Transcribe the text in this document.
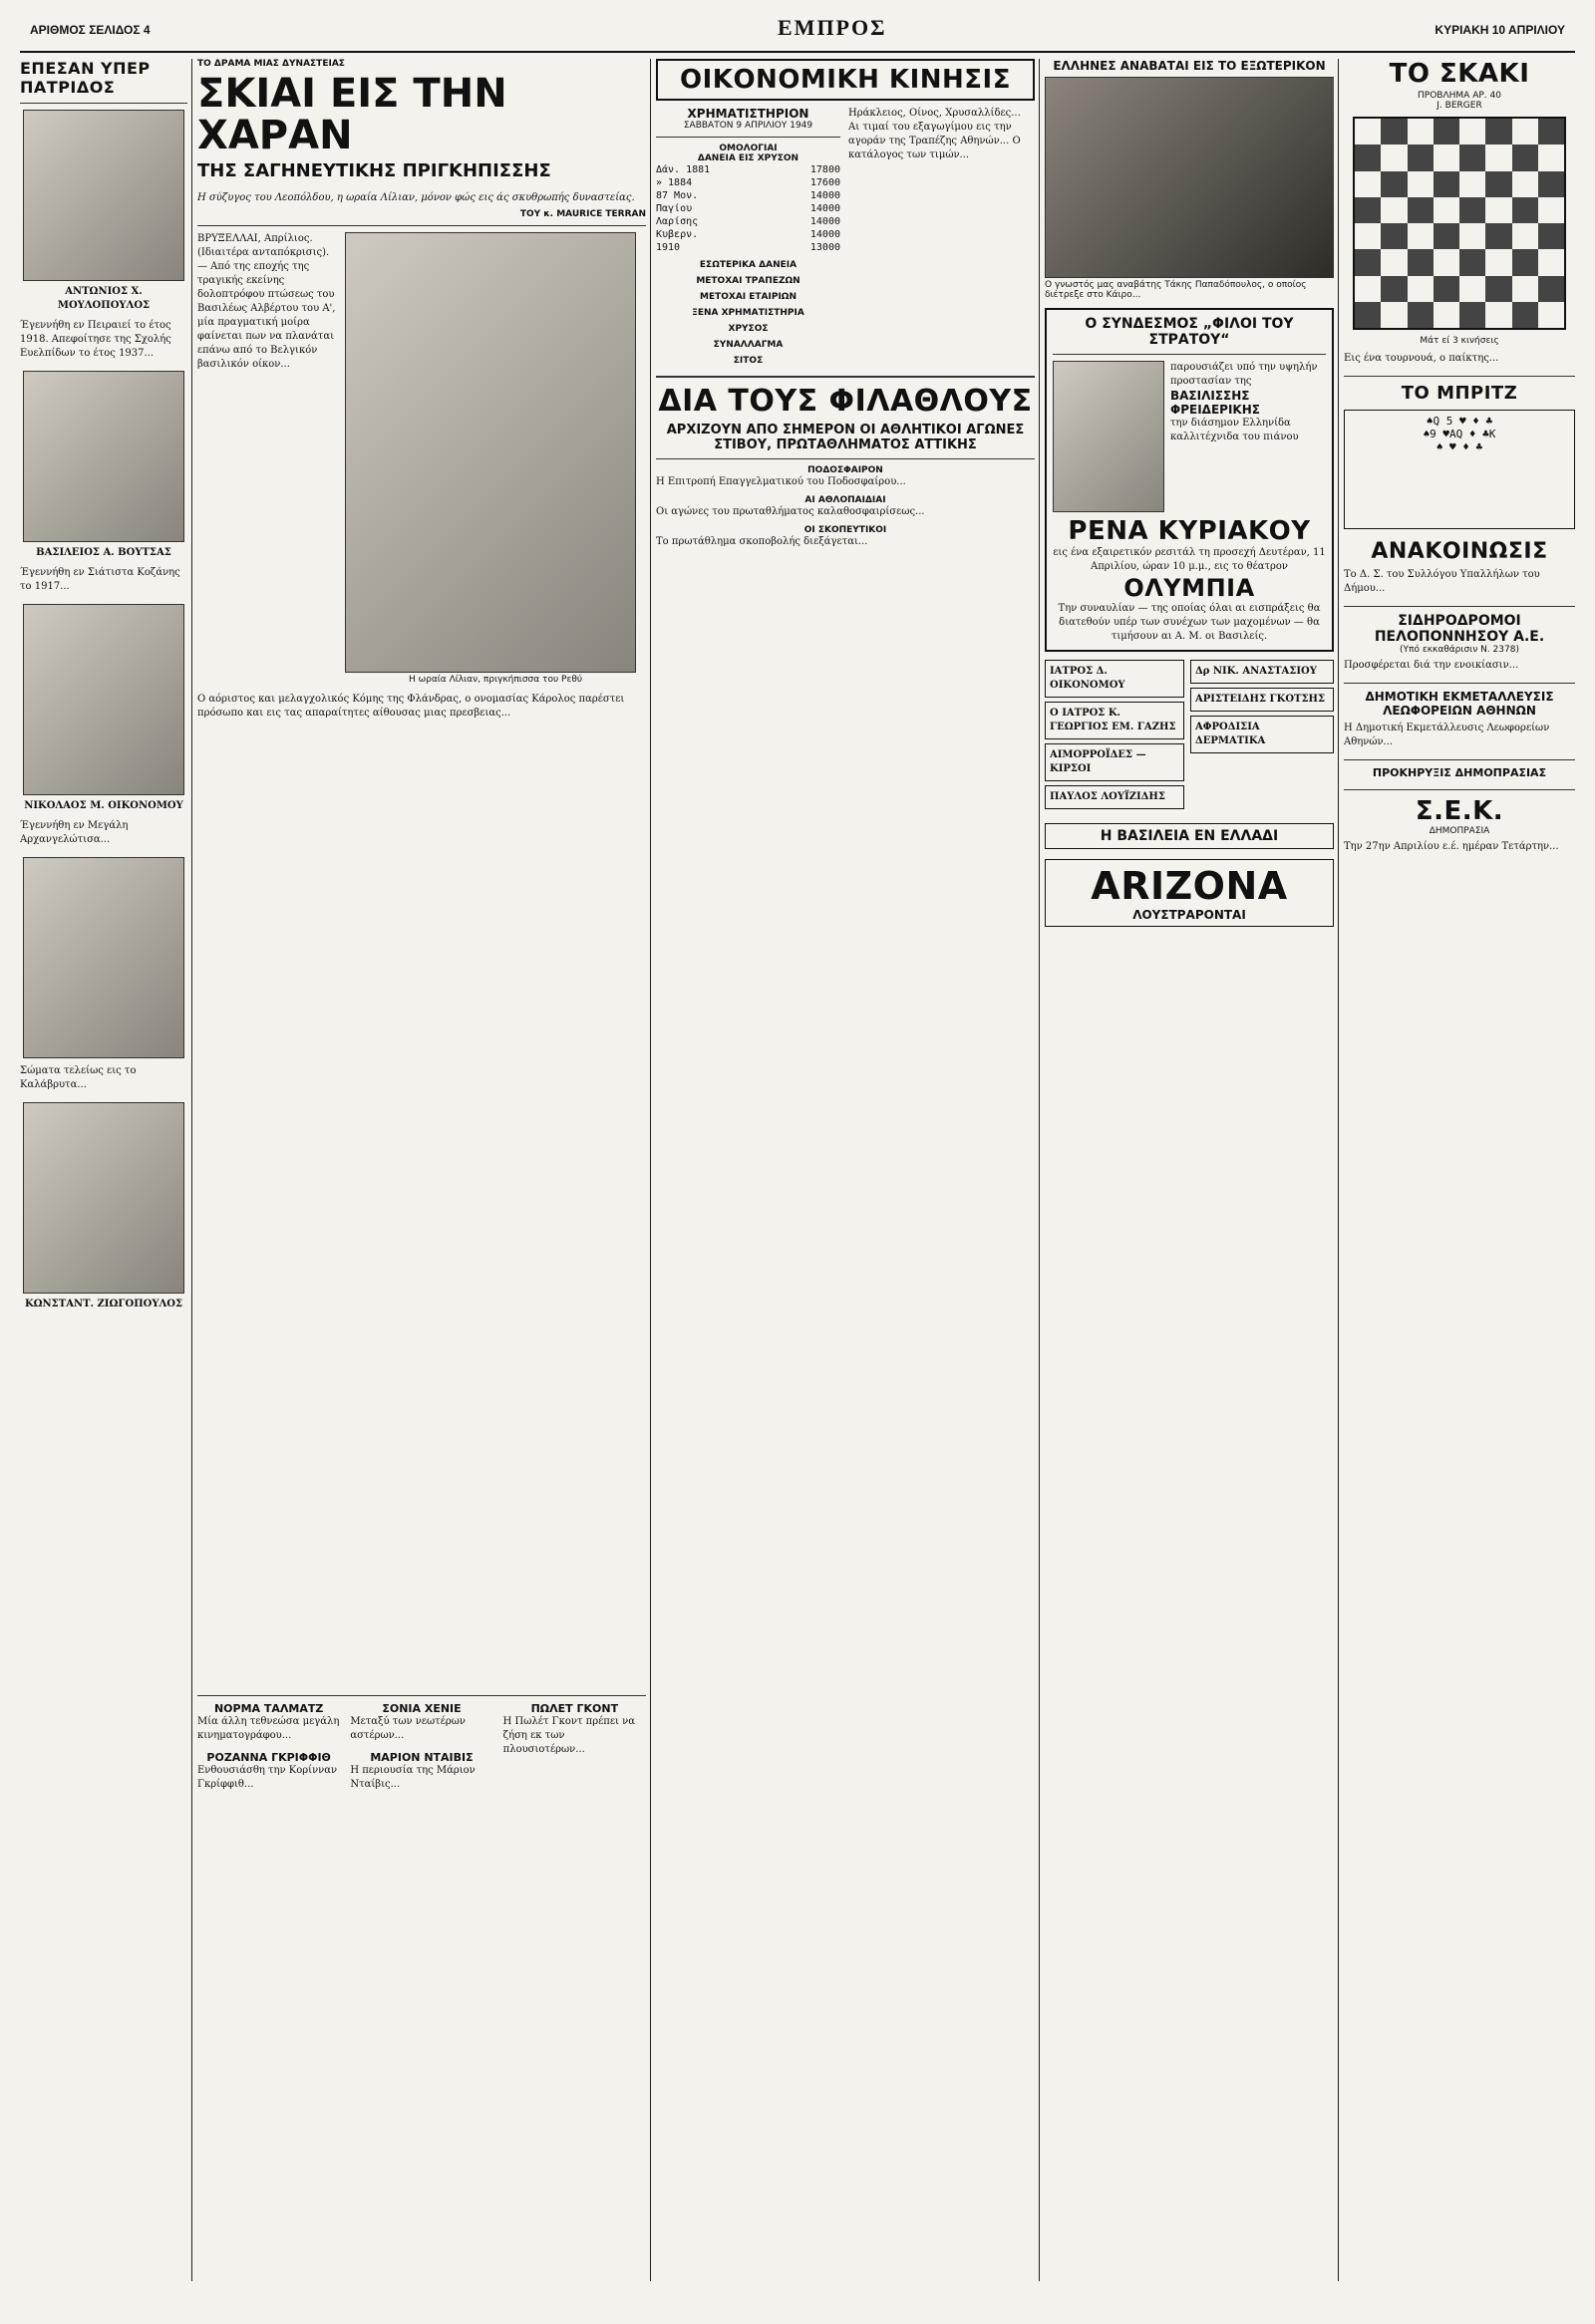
ΑΡΙΘΜΟΣ ΣΕΛΙΔΟΣ 4	ΕΜΠΡΟΣ	ΚΥΡΙΑΚΗ 10 ΑΠΡΙΛΙΟΥ
ΕΠΕΣΑΝ ΥΠΕΡ ΠΑΤΡΙΔΟΣ
ΑΝΤΩΝΙΟΣ Χ. ΜΟΥΛΟΠΟΥΛΟΣ
Έγεννήθη εν Πειραιεί το έτος 1918. Απεφοίτησε της Σχολής Ευελπίδων το έτος 1937...
ΒΑΣΙΛΕΙΟΣ Α. ΒΟΥΤΣΑΣ
Έγεννήθη εν Σιάτιστα Κοζάνης το 1917...
ΝΙΚΟΛΑΟΣ Μ. ΟΙΚΟΝΟΜΟΥ
Έγεννήθη εν Μεγάλη Αρχανγελώτισα...
Σώματα τελείως εις το Καλάβρυτα...
ΚΩΝΣΤΑΝΤ. ΖΙΩΓΟΠΟΥΛΟΣ
ΤΟ ΔΡΑΜΑ ΜΙΑΣ ΔΥΝΑΣΤΕΙΑΣ
ΣΚΙΑΙ ΕΙΣ ΤΗΝ ΧΑΡΑΝ
ΤΗΣ ΣΑΓΗΝΕΥΤΙΚΗΣ ΠΡΙΓΚΗΠΙΣΣΗΣ
Η σύζυγος του Λεοπόλδου, η ωραία Λίλιαν, μόνον φώς εις άς σκυθρωπής δυναστείας.
ΤΟΥ κ. MAURICE TERRAN
ΒΡΥΞΕΛΛΑΙ, Απρίλιος. (Ιδιαιτέρα ανταπόκρισις). — Από της εποχής της τραγικής εκείνης δολοπτρόφου πτώσεως του Βασιλέως Αλβέρτου του Α', μία πραγματική μοίρα φαίνεται πων να πλανάται επάνω από το Βελγικόν βασιλικόν οίκον...
Η ωραία Λίλιαν, πριγκήπισσα του Ρεθύ
Ο αόριστος και μελαγχολικός Κόμης της Φλάνδρας, ο ονομασίας Κάρολος παρέστει πρόσωπο και εις τας απαραίτητες αίθουσας μιας πρεσβειας...
ΝΟΡΜΑ ΤΑΛΜΑΤΖ
Μία άλλη τεθνεώσα μεγάλη κινηματογράφου...
ΡΟΖΑΝΝΑ ΓΚΡΙΦΦΙΘ
Ενθουσιάσθη την Κορίνναν Γκρίφφιθ...
ΣΟΝΙΑ ΧΕΝΙΕ
Μεταξύ των νεωτέρων αστέρων...
ΜΑΡΙΟΝ ΝΤΑΙΒΙΣ
Η περιουσία της Μάριον Νταίβις...
ΠΩΛΕΤ ΓΚΟΝΤ
Η Πωλέτ Γκοντ πρέπει να ζήση εκ των πλουσιοτέρων...
ΟΙΚΟΝΟΜΙΚΗ ΚΙΝΗΣΙΣ
ΧΡΗΜΑΤΙΣΤΗΡΙΟΝ
ΣΑΒΒΑΤΟΝ 9 ΑΠΡΙΛΙΟΥ 1949
ΟΜΟΛΟΓΙΑΙ
ΔΑΝΕΙΑ ΕΙΣ ΧΡΥΣΟΝ
Δάν. 1881	17800
» 1884	17600
87 Μον.	14000
Παγίου	14000
Λαρίσης	14000
Κυβερν.	14000
1910	13000
ΕΣΩΤΕΡΙΚΑ ΔΑΝΕΙΑ
ΜΕΤΟΧΑΙ ΤΡΑΠΕΖΩΝ
ΜΕΤΟΧΑΙ ΕΤΑΙΡΙΩΝ
ΞΕΝΑ ΧΡΗΜΑΤΙΣΤΗΡΙΑ
ΧΡΥΣΟΣ
ΣΥΝΑΛΛΑΓΜΑ
ΣΙΤΟΣ
Ηράκλειος, Οίνος, Χρυσαλλίδες... Αι τιμαί του εξαγωγίμου εις την αγοράν της Τραπέζης Αθηνών... Ο κατάλογος των τιμών...
ΔΙΑ ΤΟΥΣ ΦΙΛΑΘΛΟΥΣ
ΑΡΧΙΖΟΥΝ ΑΠΟ ΣΗΜΕΡΟΝ ΟΙ ΑΘΛΗΤΙΚΟΙ ΑΓΩΝΕΣ ΣΤΙΒΟΥ, ΠΡΩΤΑΘΛΗΜΑΤΟΣ ΑΤΤΙΚΗΣ
ΠΟΔΟΣΦΑΙΡΟΝ
Η Επιτροπή Επαγγελματικού του Ποδοσφαίρου...
ΑΙ ΑΘΛΟΠΑΙΔΙΑΙ
Οι αγώνες του πρωταθλήματος καλαθοσφαιρίσεως...
ΟΙ ΣΚΟΠΕΥΤΙΚΟΙ
Το πρωτάθλημα σκοποβολής διεξάγεται...
ΕΛΛΗΝΕΣ ΑΝΑΒΑΤΑΙ ΕΙΣ ΤΟ ΕΞΩΤΕΡΙΚΟΝ
Ο γνωστός μας αναβάτης Τάκης Παπαδόπουλος, ο οποίος διέτρεξε στο Κάιρο...
Ο ΣΥΝΔΕΣΜΟΣ „ΦΙΛΟΙ ΤΟΥ ΣΤΡΑΤΟΥ“
παρουσιάζει υπό την υψηλήν προστασίαν της
ΒΑΣΙΛΙΣΣΗΣ ΦΡΕΙΔΕΡΙΚΗΣ
την διάσημον Ελληνίδα καλλιτέχνιδα του πιάνου
ΡΕΝΑ ΚΥΡΙΑΚΟΥ
εις ένα εξαιρετικόν ρεσιτάλ τη προσεχή Δευτέραν, 11 Απριλίου, ώραν 10 μ.μ., εις το θέατρον
ΟΛΥΜΠΙΑ
Την συναυλίαν — της οποίας όλαι αι εισπράξεις θα διατεθούν υπέρ των συνέχων των μαχομένων — θα τιμήσουν αι Α. Μ. οι Βασιλείς.
ΙΑΤΡΟΣ Δ. ΟΙΚΟΝΟΜΟΥ
Ο ΙΑΤΡΟΣ Κ. ΓΕΩΡΓΙΟΣ ΕΜ. ΓΑΖΗΣ
ΑΙΜΟΡΡΟΪΔΕΣ — ΚΙΡΣΟΙ
ΠΑΥΛΟΣ ΛΟΥΪΖΙΔΗΣ
Δρ ΝΙΚ. ΑΝΑΣΤΑΣΙΟΥ
ΑΡΙΣΤΕΙΔΗΣ ΓΚΟΤΣΗΣ
ΑΦΡΟΔΙΣΙΑ ΔΕΡΜΑΤΙΚΑ
Η ΒΑΣΙΛΕΙΑ ΕΝ ΕΛΛΑΔΙ
ARIZONA
ΛΟΥΣΤΡΑΡΟΝΤΑΙ
ΤΟ ΣΚΑΚΙ
ΠΡΟΒΛΗΜΑ ΑΡ. 40
J. BERGER
Μάτ εί 3 κινήσεις
Εις ένα τουρνουά, ο παίκτης...
ΤΟ ΜΠΡΙΤΖ
♠Q 5 ♥ ♦ ♣
♠9 ♥AQ ♦ ♣K
♠ ♥ ♦ ♣
ΑΝΑΚΟΙΝΩΣΙΣ
Το Δ. Σ. του Συλλόγου Υπαλλήλων του Δήμου...
ΣΙΔΗΡΟΔΡΟΜΟΙ ΠΕΛΟΠΟΝΝΗΣΟΥ Α.Ε.
(Υπό εκκαθάρισιν Ν. 2378)
Προσφέρεται διά την ενοικίασιν...
ΔΗΜΟΤΙΚΗ ΕΚΜΕΤΑΛΛΕΥΣΙΣ ΛΕΩΦΟΡΕΙΩΝ ΑΘΗΝΩΝ
Η Δημοτική Εκμετάλλευσις Λεωφορείων Αθηνών...
ΠΡΟΚΗΡΥΞΙΣ ΔΗΜΟΠΡΑΣΙΑΣ
Σ.Ε.Κ.
ΔΗΜΟΠΡΑΣΙΑ
Την 27ην Απριλίου ε.έ. ημέραν Τετάρτην...
